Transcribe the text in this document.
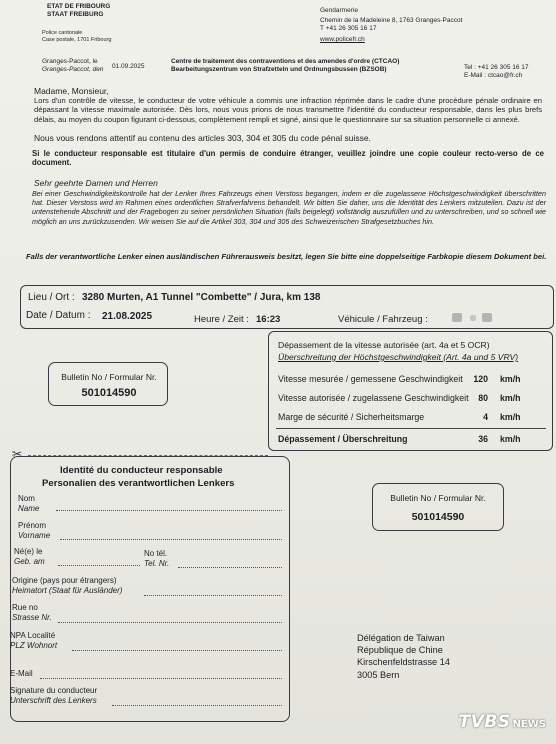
ETAT DE FRIBOURG
STAAT FREIBURG
Police cantonale
Case postale, 1701 Fribourg
Gendarmerie
Chemin de la Madeleine 8, 1763 Granges-Paccot
T +41 26 305 16 17
www.policefr.ch
Granges-Paccot, le
Granges-Paccot, den 01.09.2025
Centre de traitement des contraventions et des amendes d'ordre (CTCAO)
Bearbeitungszentrum von Strafzetteln und Ordnungsbussen (BZSOB)	Tel : +41 26 305 16 17
E-Mail : ctcao@fr.ch
Madame, Monsieur,
Lors d'un contrôle de vitesse, le conducteur de votre véhicule a commis une infraction réprimée dans le cadre d'une procédure pénale ordinaire en dépassant la vitesse maximale autorisée. Dès lors, nous vous prions de nous transmettre l'identité du conducteur responsable, dans les plus brefs délais, au moyen du coupon figurant ci-dessous, complètement rempli et signé, ainsi que le questionnaire sur sa situation personnelle ci annexé.
Nous vous rendons attentif au contenu des articles 303, 304 et 305 du code pénal suisse.
Si le conducteur responsable est titulaire d'un permis de conduire étranger, veuillez joindre une copie couleur recto-verso de ce document.
Sehr geehrte Damen und Herren
Bei einer Geschwindigkeitskontrolle hat der Lenker Ihres Fahrzeugs einen Verstoss begangen, indem er die zugelassene Höchstgeschwindigkeit überschritten hat. Dieser Verstoss wird im Rahmen eines ordentlichen Strafverfahrens behandelt. Wir bitten Sie daher, uns die Identität des Lenkers mitzuteilen. Dazu ist der untenstehende Abschnitt und der Fragebogen zu seiner persönlichen Situation (falls beigelegt) vollständig auszufüllen und zu unterschreiben, und so schnell wie möglich an uns zurückzusenden. Wir weisen Sie auf die Artikel 303, 304 und 305 des Schweizerischen Strafgesetzbuches hin.
Falls der verantwortliche Lenker einen ausländischen Führerausweis besitzt, legen Sie bitte eine doppelseitige Farbkopie diesem Dokument bei.
Lieu / Ort : 3280 Murten, A1 Tunnel "Combette" / Jura, km 138
Date / Datum : 21.08.2025	Heure / Zeit : 16:23	Véhicule / Fahrzeug :
Bulletin No / Formular Nr.
501014590
Dépassement de la vitesse autorisée (art. 4a et 5 OCR)
Überschreitung der Höchstgeschwindigkeit (Art. 4a und 5 VRV)
Vitesse mesurée / gemessene Geschwindigkeit	120 km/h
Vitesse autorisée / zugelassene Geschwindigkeit	80 km/h
Marge de sécurité / Sicherheitsmarge	4 km/h
Dépassement / Überschreitung	36 km/h
✂
Identité du conducteur responsable
Personalien des verantwortlichen Lenkers
Nom
Name
Prénom
Vorname
Né(e) le
Geb. am
No tél.
Tel. Nr.
Origine (pays pour étrangers)
Heimatort (Staat für Ausländer)
Rue no
Strasse Nr.
NPA Localité
PLZ Wohnort
E-Mail
Signature du conducteur
Unterschrift des Lenkers
Bulletin No / Formular Nr.
501014590
Délégation de Taiwan
République de Chine
Kirschenfeldstrasse 14
3005 Bern
TVBS NEWS
